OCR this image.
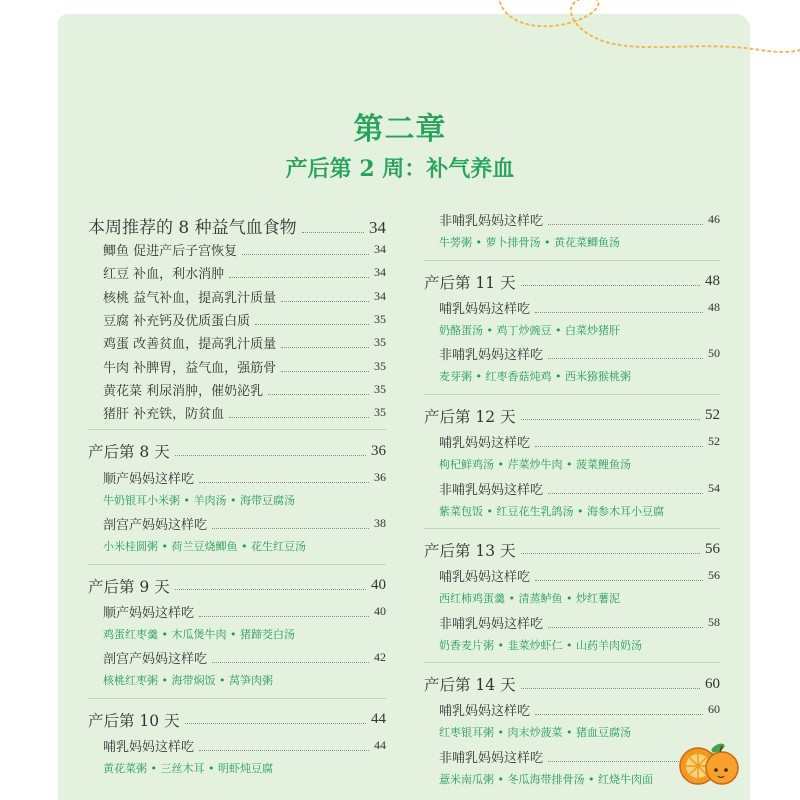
第二章
产后第 2 周：补气养血
本周推荐的 8 种益气血食物	34
鲫鱼 促进产后子宫恢复	34
红豆 补血，利水消肿	34
核桃 益气补血，提高乳汁质量	34
豆腐 补充钙及优质蛋白质	35
鸡蛋 改善贫血，提高乳汁质量	35
牛肉 补脾胃，益气血，强筋骨	35
黄花菜 利尿消肿，催奶泌乳	35
猪肝 补充铁，防贫血	35
产后第 8 天	36
顺产妈妈这样吃	36
牛奶银耳小米粥 • 羊肉汤 • 海带豆腐汤
剖宫产妈妈这样吃	38
小米桂圆粥 • 荷兰豆烧鲫鱼 • 花生红豆汤
产后第 9 天	40
顺产妈妈这样吃	40
鸡蛋红枣羹 • 木瓜煲牛肉 • 猪蹄茭白汤
剖宫产妈妈这样吃	42
核桃红枣粥 • 海带焖饭 • 莴笋肉粥
产后第 10 天	44
哺乳妈妈这样吃	44
黄花菜粥 • 三丝木耳 • 明虾炖豆腐
非哺乳妈妈这样吃	46
牛蒡粥 • 萝卜排骨汤 • 黄花菜鲫鱼汤
产后第 11 天	48
哺乳妈妈这样吃	48
奶酪蛋汤 • 鸡丁炒豌豆 • 白菜炒猪肝
非哺乳妈妈这样吃	50
麦芽粥 • 红枣香菇炖鸡 • 西米猕猴桃粥
产后第 12 天	52
哺乳妈妈这样吃	52
枸杞鲜鸡汤 • 芹菜炒牛肉 • 菠菜鲤鱼汤
非哺乳妈妈这样吃	54
紫菜包饭 • 红豆花生乳鸽汤 • 海参木耳小豆腐
产后第 13 天	56
哺乳妈妈这样吃	56
西红柿鸡蛋羹 • 清蒸鲈鱼 • 炒红薯泥
非哺乳妈妈这样吃	58
奶香麦片粥 • 韭菜炒虾仁 • 山药羊肉奶汤
产后第 14 天	60
哺乳妈妈这样吃	60
红枣银耳粥 • 肉末炒菠菜 • 猪血豆腐汤
非哺乳妈妈这样吃
薏米南瓜粥 • 冬瓜海带排骨汤 • 红烧牛肉面
